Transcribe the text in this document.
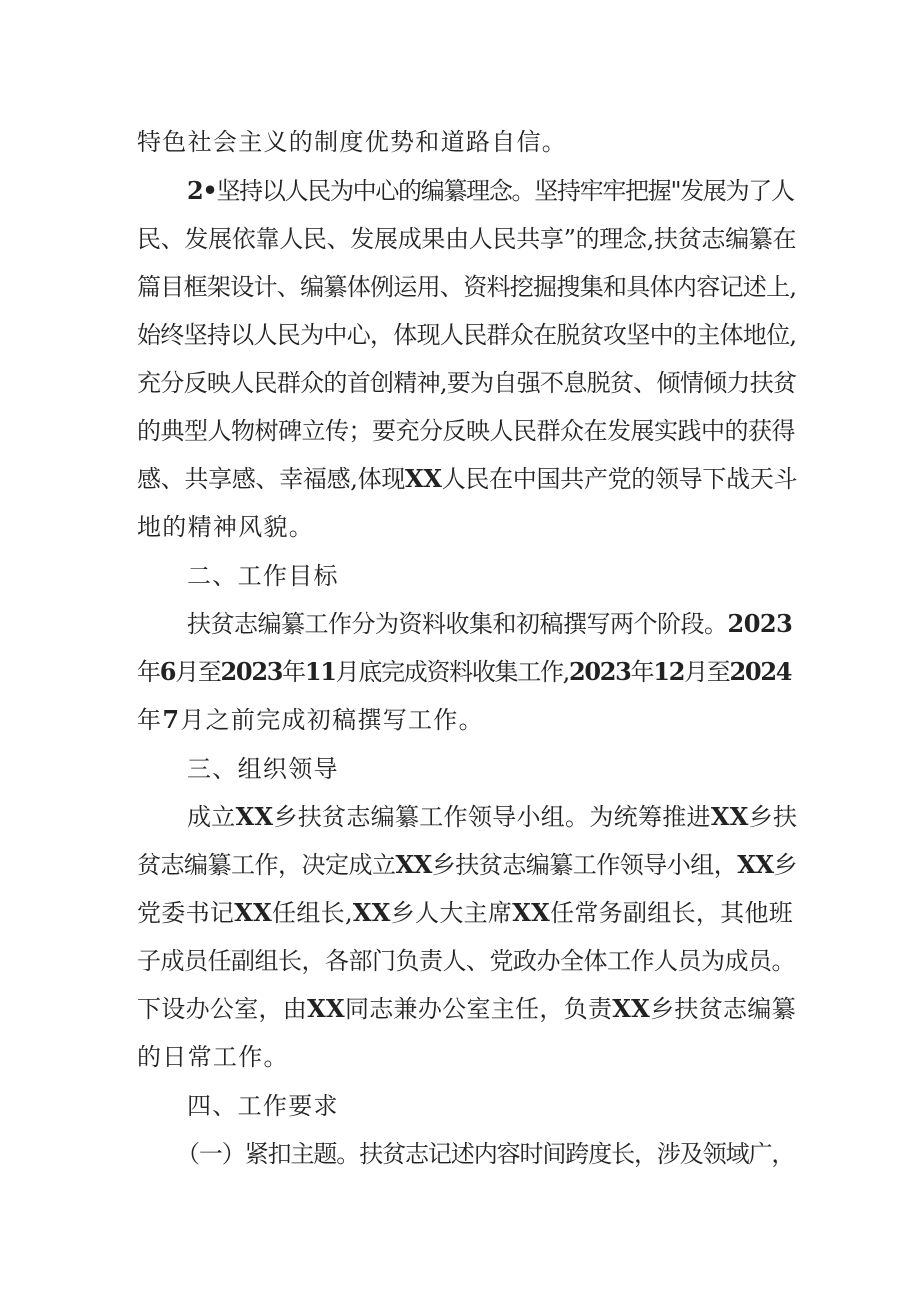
特色社会主义的制度优势和道路自信。
2•坚持以人民为中心的编纂理念。坚持牢牢把握"发展为了人
民、发展依靠人民、发展成果由人民共享”的理念,扶贫志编纂在
篇目框架设计、编纂体例运用、资料挖掘搜集和具体内容记述上,
始终坚持以人民为中心，体现人民群众在脱贫攻坚中的主体地位,
充分反映人民群众的首创精神,要为自强不息脱贫、倾情倾力扶贫
的典型人物树碑立传；要充分反映人民群众在发展实践中的获得
感、共享感、幸福感,体现XX人民在中国共产党的领导下战天斗
地的精神风貌。
二、工作目标
扶贫志编纂工作分为资料收集和初稿撰写两个阶段。2023
年6月至2023年11月底完成资料收集工作,2023年12月至2024
年7月之前完成初稿撰写工作。
三、组织领导
成立XX乡扶贫志编纂工作领导小组。为统筹推进XX乡扶
贫志编纂工作，决定成立XX乡扶贫志编纂工作领导小组，XX乡
党委书记XX任组长,XX乡人大主席XX任常务副组长，其他班
子成员任副组长，各部门负责人、党政办全体工作人员为成员。
下设办公室，由XX同志兼办公室主任，负责XX乡扶贫志编纂
的日常工作。
四、工作要求
（一）紧扣主题。扶贫志记述内容时间跨度长，涉及领域广，
